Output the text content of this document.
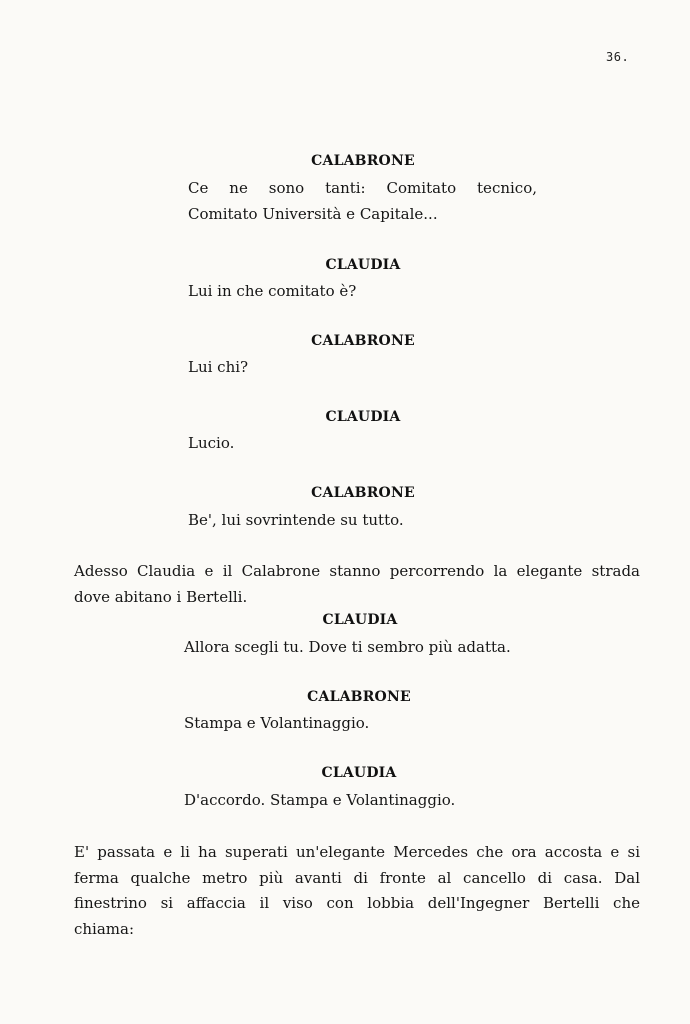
36.
CALABRONE
Ce ne sono tanti: Comitato tecnico,
Comitato Università e Capitale...
CLAUDIA
Lui in che comitato è?
CALABRONE
Lui chi?
CLAUDIA
Lucio.
CALABRONE
Be', lui sovrintende su tutto.
Adesso Claudia e il Calabrone stanno percorrendo la elegante strada
dove abitano i Bertelli.
CLAUDIA
Allora scegli tu. Dove ti sembro più adatta.
CALABRONE
Stampa e Volantinaggio.
CLAUDIA
D'accordo. Stampa e Volantinaggio.
E' passata e li ha superati un'elegante Mercedes che ora accosta e si
ferma qualche metro più avanti di fronte al cancello di casa. Dal
finestrino si affaccia il viso con lobbia dell'Ingegner Bertelli che
chiama:
